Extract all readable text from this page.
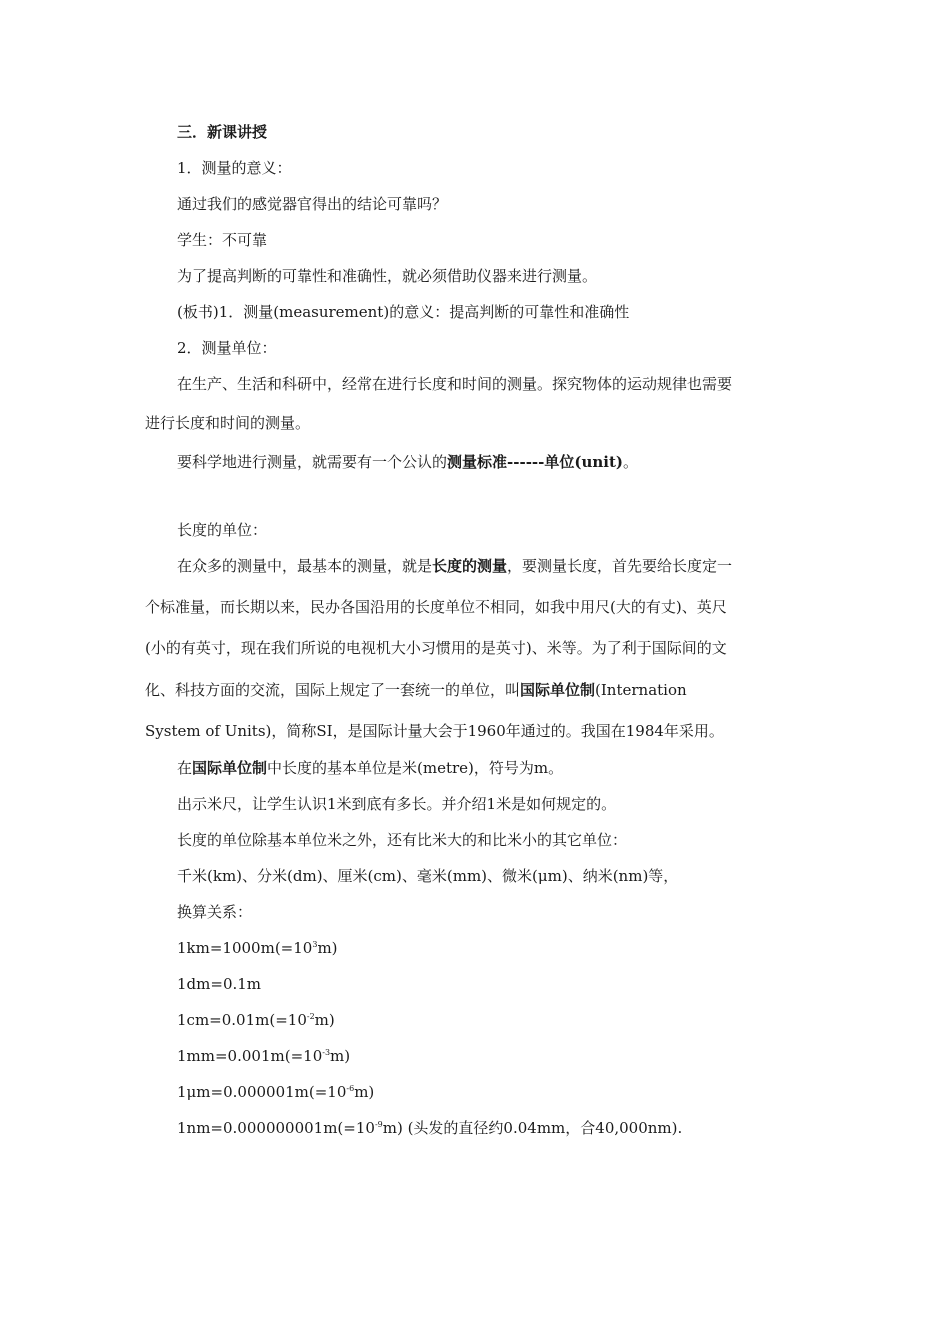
三．新课讲授
1．测量的意义：
通过我们的感觉器官得出的结论可靠吗？
学生：不可靠
为了提高判断的可靠性和准确性，就必须借助仪器来进行测量。
(板书)1．测量(measurement)的意义：提高判断的可靠性和准确性
2．测量单位：
在生产、生活和科研中，经常在进行长度和时间的测量。探究物体的运动规律也需要
进行长度和时间的测量。
要科学地进行测量，就需要有一个公认的测量标准------单位(unit)。
长度的单位：
在众多的测量中，最基本的测量，就是长度的测量，要测量长度，首先要给长度定一
个标准量，而长期以来，民办各国沿用的长度单位不相同，如我中用尺(大的有丈)、英尺
(小的有英寸，现在我们所说的电视机大小习惯用的是英寸)、米等。为了利于国际间的文
化、科技方面的交流，国际上规定了一套统一的单位，叫国际单位制(Internation
System of Units)，简称SI，是国际计量大会于1960年通过的。我国在1984年采用。
在国际单位制中长度的基本单位是米(metre)，符号为m。
出示米尺，让学生认识1米到底有多长。并介绍1米是如何规定的。
长度的单位除基本单位米之外，还有比米大的和比米小的其它单位：
千米(km)、分米(dm)、厘米(cm)、毫米(mm)、微米(μm)、纳米(nm)等，
换算关系：
$1km=1000m(=10^3m)$
1dm=0.1m
$1cm=0.01m(=10^{-2}m)$
$1mm=0.001m(=10^{-3}m)$
$1\mu m=0.000001m(=10^{-6}m)$
$1nm=0.000000001m(=10^{-9}m)$ (头发的直径约0.04mm，合40,000nm).
